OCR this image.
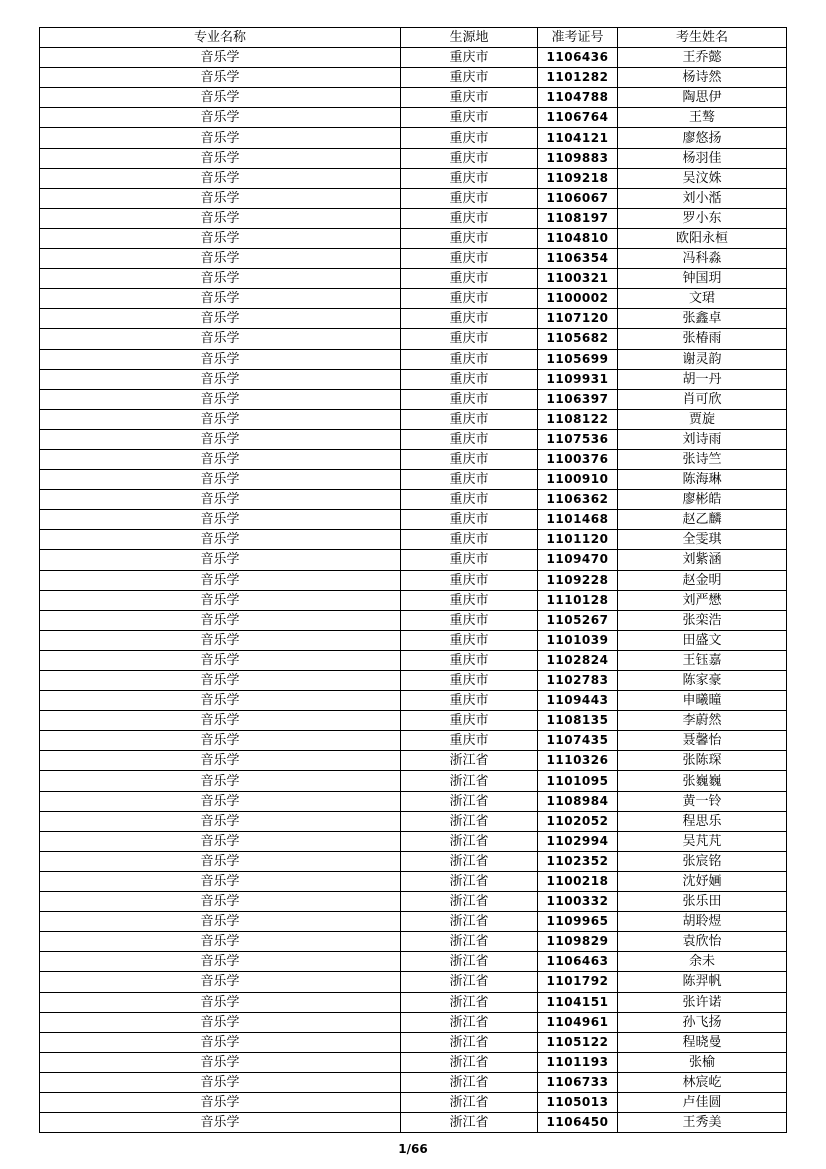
专业名称	生源地	准考证号	考生姓名
音乐学	重庆市	1106436	王乔懿
音乐学	重庆市	1101282	杨诗然
音乐学	重庆市	1104788	陶思伊
音乐学	重庆市	1106764	王骜
音乐学	重庆市	1104121	廖悠扬
音乐学	重庆市	1109883	杨羽佳
音乐学	重庆市	1109218	吴汶姝
音乐学	重庆市	1106067	刘小湉
音乐学	重庆市	1108197	罗小东
音乐学	重庆市	1104810	欧阳永桓
音乐学	重庆市	1106354	冯科淼
音乐学	重庆市	1100321	钟国玥
音乐学	重庆市	1100002	文珺
音乐学	重庆市	1107120	张鑫卓
音乐学	重庆市	1105682	张椿雨
音乐学	重庆市	1105699	谢灵韵
音乐学	重庆市	1109931	胡一丹
音乐学	重庆市	1106397	肖可欣
音乐学	重庆市	1108122	贾旋
音乐学	重庆市	1107536	刘诗雨
音乐学	重庆市	1100376	张诗竺
音乐学	重庆市	1100910	陈海琳
音乐学	重庆市	1106362	廖彬皓
音乐学	重庆市	1101468	赵乙麟
音乐学	重庆市	1101120	全雯琪
音乐学	重庆市	1109470	刘紫涵
音乐学	重庆市	1109228	赵金明
音乐学	重庆市	1110128	刘严懋
音乐学	重庆市	1105267	张栾浩
音乐学	重庆市	1101039	田盛文
音乐学	重庆市	1102824	王钰嘉
音乐学	重庆市	1102783	陈家豪
音乐学	重庆市	1109443	申曦曈
音乐学	重庆市	1108135	李蔚然
音乐学	重庆市	1107435	聂馨怡
音乐学	浙江省	1110326	张陈琛
音乐学	浙江省	1101095	张巍巍
音乐学	浙江省	1108984	黄一铃
音乐学	浙江省	1102052	程思乐
音乐学	浙江省	1102994	吴芃芃
音乐学	浙江省	1102352	张宸铭
音乐学	浙江省	1100218	沈妤婳
音乐学	浙江省	1100332	张乐田
音乐学	浙江省	1109965	胡聆煜
音乐学	浙江省	1109829	袁欣怡
音乐学	浙江省	1106463	余未
音乐学	浙江省	1101792	陈羿帆
音乐学	浙江省	1104151	张许诺
音乐学	浙江省	1104961	孙飞扬
音乐学	浙江省	1105122	程晓曼
音乐学	浙江省	1101193	张榆
音乐学	浙江省	1106733	林宸屹
音乐学	浙江省	1105013	卢佳圆
音乐学	浙江省	1106450	王秀美
1/66
